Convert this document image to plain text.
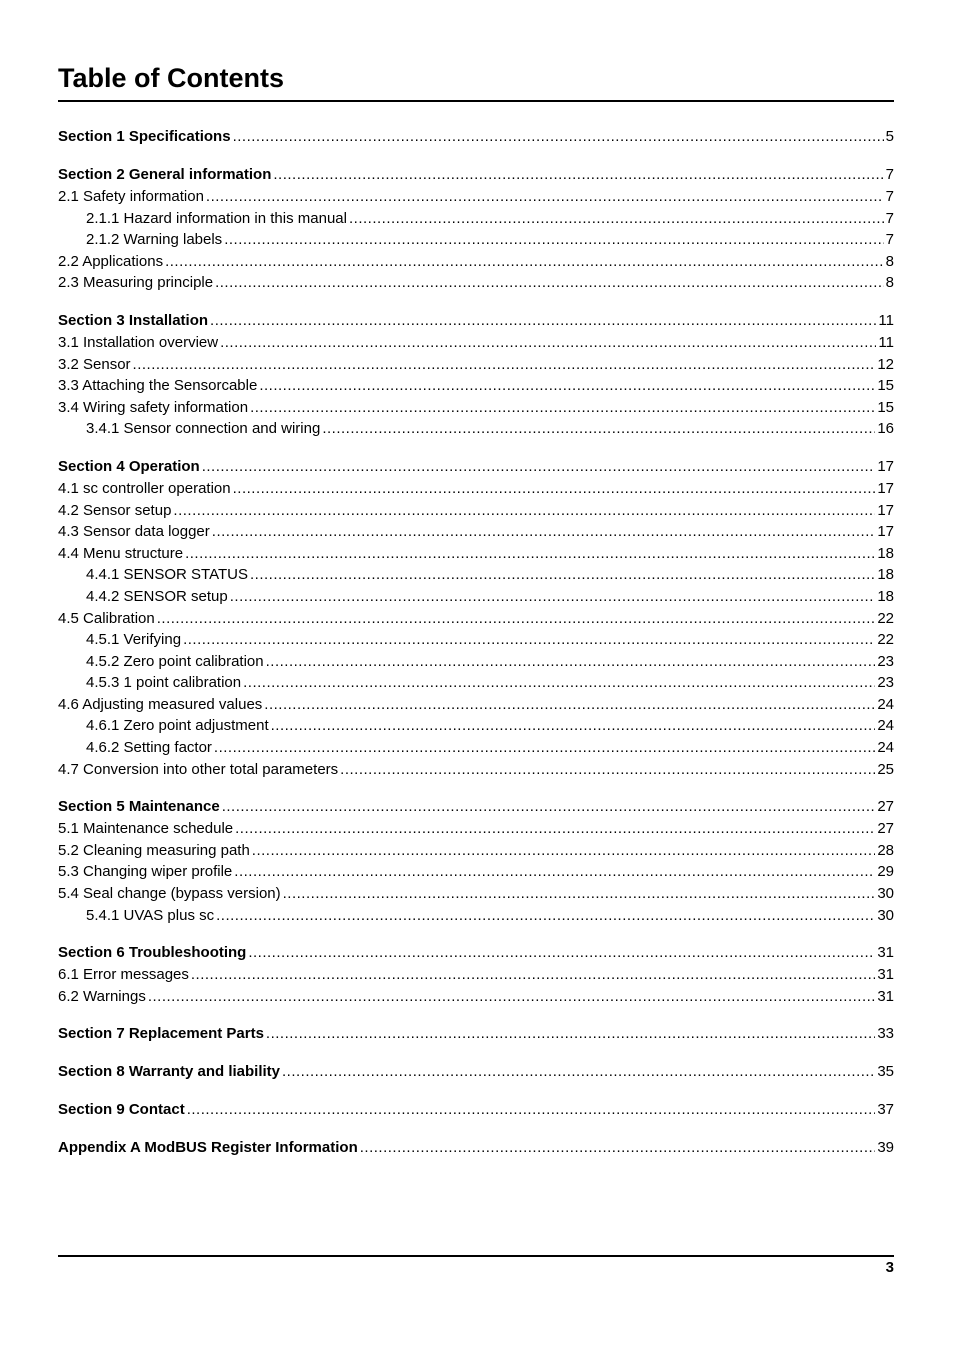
Table of Contents
Section 1 Specifications .....	5
Section 2 General information .....	7
2.1 Safety information .....	7
2.1.1 Hazard information in this manual .....	7
2.1.2 Warning labels .....	7
2.2 Applications .....	8
2.3 Measuring principle .....	8
Section 3 Installation .....	11
3.1 Installation overview .....	11
3.2 Sensor .....	12
3.3 Attaching the Sensorcable .....	15
3.4 Wiring safety information .....	15
3.4.1 Sensor connection and wiring .....	16
Section 4 Operation .....	17
4.1 sc controller operation .....	17
4.2 Sensor setup .....	17
4.3 Sensor data logger .....	17
4.4 Menu structure .....	18
4.4.1 SENSOR STATUS .....	18
4.4.2 SENSOR setup .....	18
4.5 Calibration .....	22
4.5.1 Verifying .....	22
4.5.2 Zero point calibration .....	23
4.5.3 1 point calibration .....	23
4.6 Adjusting measured values .....	24
4.6.1 Zero point adjustment .....	24
4.6.2 Setting factor .....	24
4.7 Conversion into other total parameters .....	25
Section 5 Maintenance .....	27
5.1 Maintenance schedule .....	27
5.2 Cleaning measuring path .....	28
5.3 Changing wiper profile .....	29
5.4 Seal change (bypass version) .....	30
5.4.1 UVAS plus sc .....	30
Section 6 Troubleshooting .....	31
6.1 Error messages .....	31
6.2 Warnings .....	31
Section 7 Replacement Parts .....	33
Section 8 Warranty and liability .....	35
Section 9 Contact .....	37
Appendix A ModBUS Register Information .....	39
3
